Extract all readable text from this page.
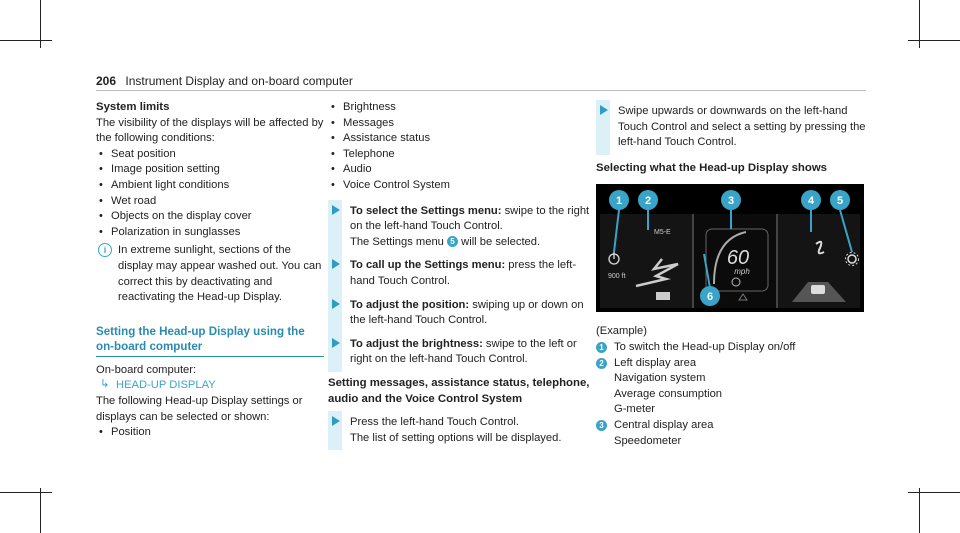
206 Instrument Display and on-board computer
System limits

The visibility of the displays will be affected by the following conditions:

• Seat position
• Image position setting
• Ambient light conditions
• Wet road
• Objects on the display cover
• Polarization in sunglasses
i	In extreme sunlight, sections of the display may appear washed out. You can correct this by deactivating and reactivating the Head-up Display.
Setting the Head-up Display using the on-board computer

On-board computer:

↳ HEAD-UP DISPLAY

The following Head-up Display settings or displays can be selected or shown:

• Position
• Brightness
• Messages
• Assistance status
• Telephone
• Audio
• Voice Control System
To select the Settings menu: swipe to the right on the left-hand Touch Control.
The Settings menu 5 will be selected.
To call up the Settings menu: press the left-hand Touch Control.
To adjust the position: swiping up or down on the left-hand Touch Control.
To adjust the brightness: swipe to the left or right on the left-hand Touch Control.
Setting messages, assistance status, telephone, audio and the Voice Control System
Press the left-hand Touch Control.
The list of setting options will be displayed.
Swipe upwards or downwards on the left-hand Touch Control and select a setting by pressing the left-hand Touch Control.
Selecting what the Head-up Display shows
1 2	3	4 5
6
M5-E
900 ft
60
mph

(Example)

1 To switch the Head-up Display on/off
2 Left display area
Navigation system
Average consumption
G-meter
3 Central display area
Speedometer
